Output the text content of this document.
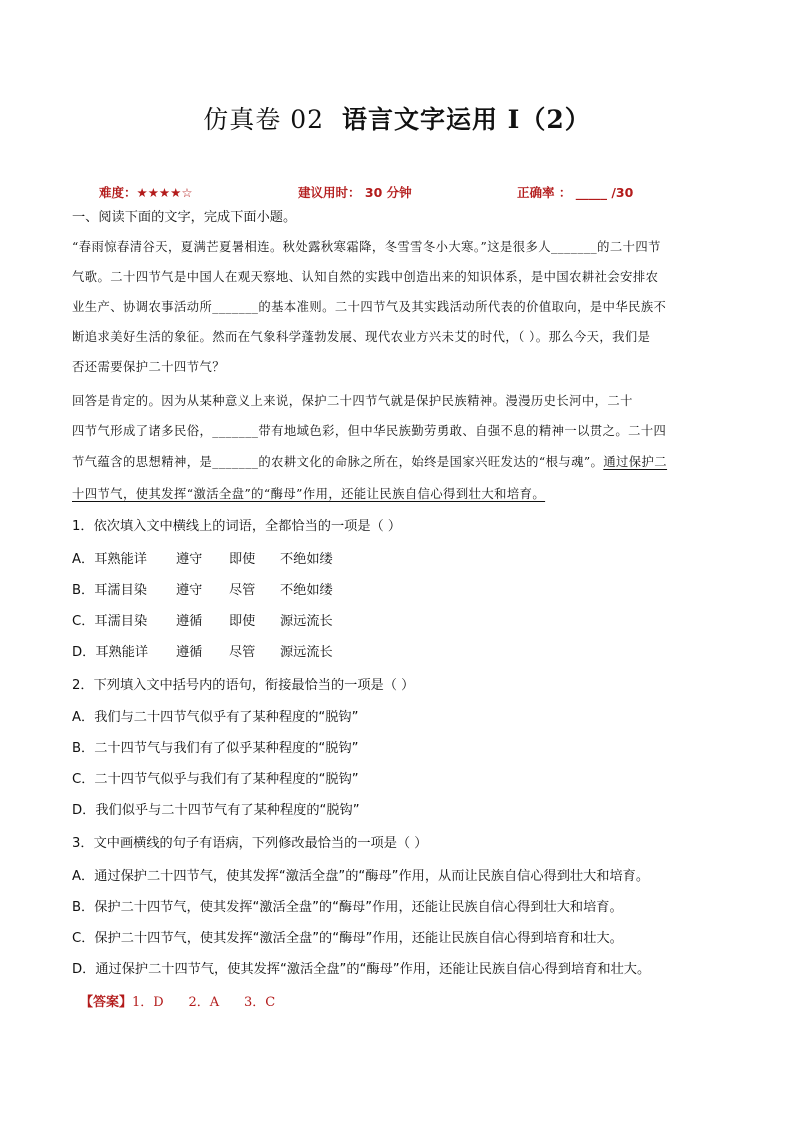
仿真卷 02 语言文字运用 I（2）
难度：★★★★☆	建议用时： 30 分钟	正确率 ： _____ /30
一、阅读下面的文字，完成下面小题。
“春雨惊春清谷天，夏满芒夏暑相连。秋处露秋寒霜降，冬雪雪冬小大寒。”这是很多人_______的二十四节
气歌。二十四节气是中国人在观天察地、认知自然的实践中创造出来的知识体系，是中国农耕社会安排农
业生产、协调农事活动所_______的基本准则。二十四节气及其实践活动所代表的价值取向，是中华民族不
断追求美好生活的象征。然而在气象科学蓬勃发展、现代农业方兴未艾的时代，（ ）。那么今天，我们是
否还需要保护二十四节气？
回答是肯定的。因为从某种意义上来说，保护二十四节气就是保护民族精神。漫漫历史长河中，二十
四节气形成了诸多民俗，_______带有地域色彩，但中华民族勤劳勇敢、自强不息的精神一以贯之。二十四
节气蕴含的思想精神，是_______的农耕文化的命脉之所在，始终是国家兴旺发达的“根与魂”。通过保护二
十四节气，使其发挥“激活全盘”的“酶母”作用，还能让民族自信心得到壮大和培育。
1．依次填入文中横线上的词语，全都恰当的一项是（ ）
A．耳熟能详 遵守 即使 不绝如缕
B．耳濡目染 遵守 尽管 不绝如缕
C．耳濡目染 遵循 即使 源远流长
D．耳熟能详 遵循 尽管 源远流长
2．下列填入文中括号内的语句，衔接最恰当的一项是（ ）
A．我们与二十四节气似乎有了某种程度的“脱钩”
B．二十四节气与我们有了似乎某种程度的“脱钩”
C．二十四节气似乎与我们有了某种程度的“脱钩”
D．我们似乎与二十四节气有了某种程度的“脱钩”
3．文中画横线的句子有语病，下列修改最恰当的一项是（ ）
A．通过保护二十四节气，使其发挥“激活全盘”的“酶母”作用，从而让民族自信心得到壮大和培育。
B．保护二十四节气，使其发挥“激活全盘”的“酶母”作用，还能让民族自信心得到壮大和培育。
C．保护二十四节气，使其发挥“激活全盘”的“酶母”作用，还能让民族自信心得到培育和壮大。
D．通过保护二十四节气，使其发挥“激活全盘”的“酶母”作用，还能让民族自信心得到培育和壮大。
【答案】1．D      2．A      3．C
